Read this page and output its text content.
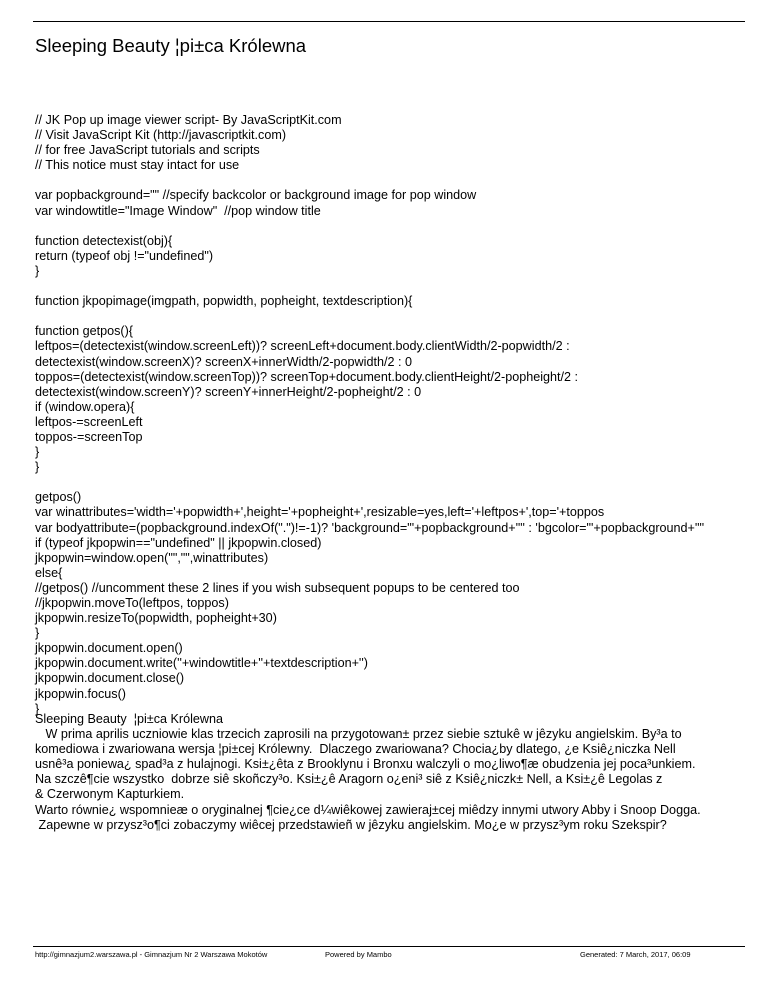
Sleeping Beauty ¦pi±ca Królewna
// JK Pop up image viewer script- By JavaScriptKit.com
// Visit JavaScript Kit (http://javascriptkit.com)
// for free JavaScript tutorials and scripts
// This notice must stay intact for use
var popbackground="" //specify backcolor or background image for pop window
var windowtitle="Image Window"  //pop window title
function detectexist(obj){
return (typeof obj !="undefined")
}
function jkpopimage(imgpath, popwidth, popheight, textdescription){
function getpos(){
leftpos=(detectexist(window.screenLeft))? screenLeft+document.body.clientWidth/2-popwidth/2 :
detectexist(window.screenX)? screenX+innerWidth/2-popwidth/2 : 0
toppos=(detectexist(window.screenTop))? screenTop+document.body.clientHeight/2-popheight/2 :
detectexist(window.screenY)? screenY+innerHeight/2-popheight/2 : 0
if (window.opera){
leftpos-=screenLeft
toppos-=screenTop
}
}
getpos()
var winattributes='width='+popwidth+',height='+popheight+',resizable=yes,left='+leftpos+',top='+toppos
var bodyattribute=(popbackground.indexOf(".")!=-1)? 'background="'+popbackground+'"' : 'bgcolor="'+popbackground+'"'
if (typeof jkpopwin=="undefined" || jkpopwin.closed)
jkpopwin=window.open("","",winattributes)
else{
//getpos() //uncomment these 2 lines if you wish subsequent popups to be centered too
//jkpopwin.moveTo(leftpos, toppos)
jkpopwin.resizeTo(popwidth, popheight+30)
}
jkpopwin.document.open()
jkpopwin.document.write(''+windowtitle+''+textdescription+'')
jkpopwin.document.close()
jkpopwin.focus()
}
Sleeping Beauty  ¦pi±ca Królewna
W prima aprilis uczniowie klas trzecich zaprosili na przygotowan± przez siebie sztukê w jêzyku angielskim. By³a to
komediowa i zwariowana wersja ¦pi±cej Królewny.  Dlaczego zwariowana? Chocia¿by dlatego, ¿e Ksiê¿niczka Nell
usnê³a poniewa¿ spad³a z hulajnogi. Ksi±¿êta z Brooklynu i Bronxu walczyli o mo¿liwo¶æ obudzenia jej poca³unkiem.
Na szczê¶cie wszystko  dobrze siê skoñczy³o. Ksi±¿ê Aragorn o¿eni³ siê z Ksiê¿niczk± Nell, a Ksi±¿ê Legolas z
& Czerwonym Kapturkiem.
Warto równie¿ wspomnieæ o oryginalnej ¶cie¿ce d¼wiêkowej zawieraj±cej miêdzy innymi utwory Abby i Snoop Dogga.
Zapewne w przysz³o¶ci zobaczymy wiêcej przedstawieñ w jêzyku angielskim. Mo¿e w przysz³ym roku Szekspir?
http://gimnazjum2.warszawa.pl - Gimnazjum Nr 2 Warszawa Mokotów	Powered by Mambo	Generated: 7 March, 2017, 06:09
